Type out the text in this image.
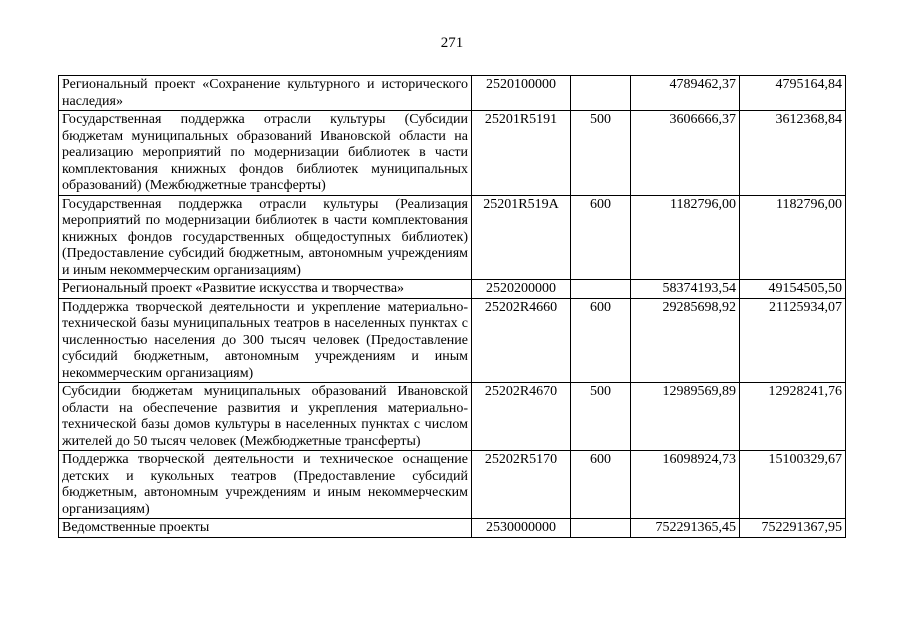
271
Региональный проект «Сохранение культурного и исторического наследия»	2520100000		4789462,37	4795164,84
Государственная поддержка отрасли культуры (Субсидии бюджетам муниципальных образований Ивановской области на реализацию мероприятий по модернизации библиотек в части комплектования книжных фондов библиотек муниципальных образований) (Межбюджетные трансферты)	25201R5191	500	3606666,37	3612368,84
Государственная поддержка отрасли культуры (Реализация мероприятий по модернизации библиотек в части комплектования книжных фондов государственных общедоступных библиотек) (Предоставление субсидий бюджетным, автономным учреждениям и иным некоммерческим организациям)	25201R519A	600	1182796,00	1182796,00
Региональный проект «Развитие искусства и творчества»	2520200000		58374193,54	49154505,50
Поддержка творческой деятельности и укрепление материально-технической базы муниципальных театров в населенных пунктах с численностью населения до 300 тысяч человек (Предоставление субсидий бюджетным, автономным учреждениям и иным некоммерческим организациям)	25202R4660	600	29285698,92	21125934,07
Субсидии бюджетам муниципальных образований Ивановской области на обеспечение развития и укрепления материально-технической базы домов культуры в населенных пунктах с числом жителей до 50 тысяч человек (Межбюджетные трансферты)	25202R4670	500	12989569,89	12928241,76
Поддержка творческой деятельности и техническое оснащение детских и кукольных театров (Предоставление субсидий бюджетным, автономным учреждениям и иным некоммерческим организациям)	25202R5170	600	16098924,73	15100329,67
Ведомственные проекты	2530000000		752291365,45	752291367,95
